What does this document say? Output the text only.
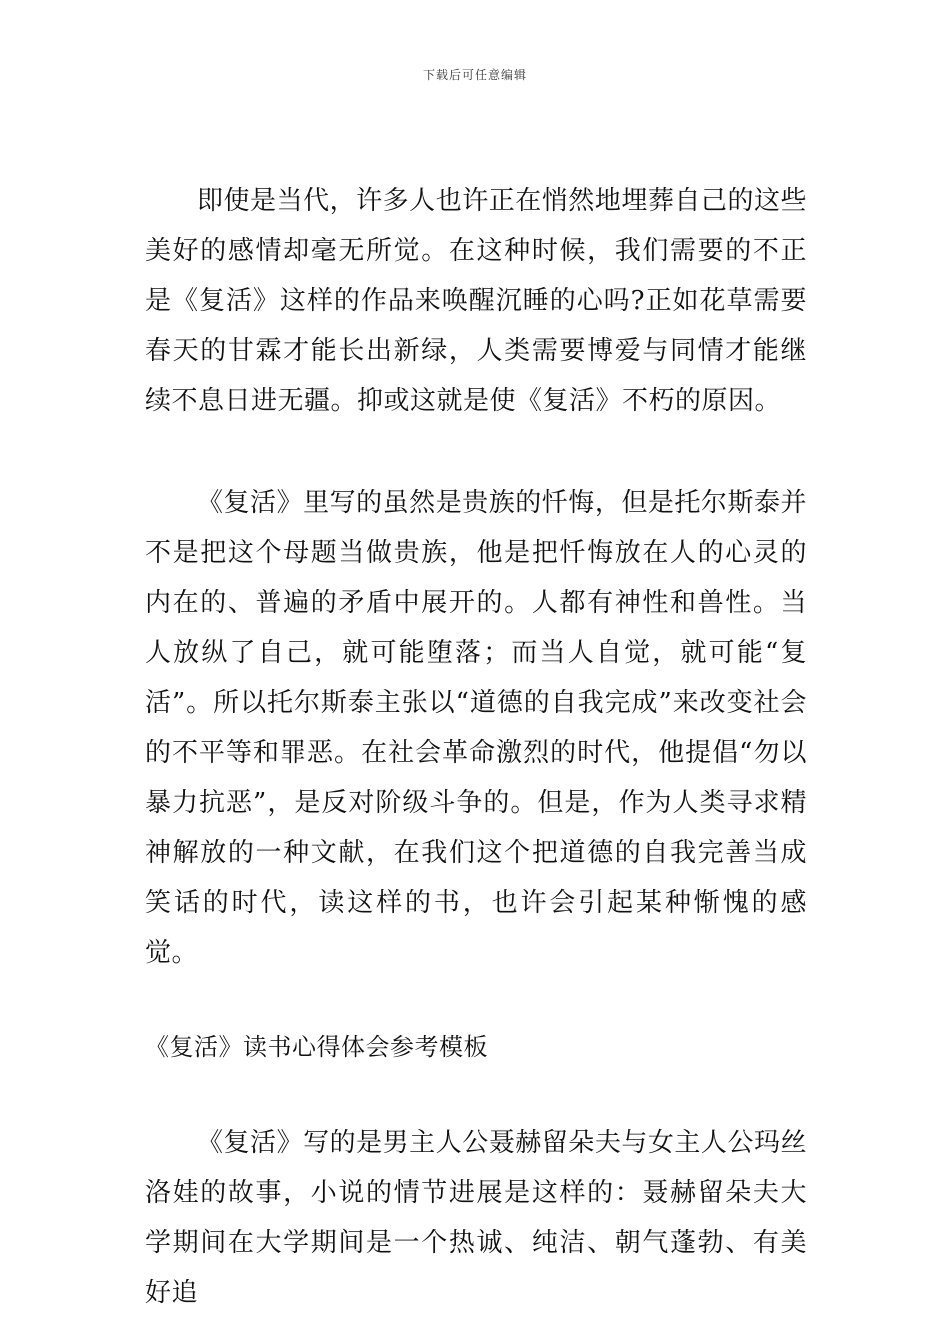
下载后可任意编辑

即使是当代，许多人也许正在悄然地埋葬自己的这些美好的感情却毫无所觉。在这种时候，我们需要的不正是《复活》这样的作品来唤醒沉睡的心吗?正如花草需要春天的甘霖才能长出新绿，人类需要博爱与同情才能继续不息日进无疆。抑或这就是使《复活》不朽的原因。

《复活》里写的虽然是贵族的忏悔，但是托尔斯泰并不是把这个母题当做贵族，他是把忏悔放在人的心灵的内在的、普遍的矛盾中展开的。人都有神性和兽性。当人放纵了自己，就可能堕落；而当人自觉，就可能“复活”。所以托尔斯泰主张以“道德的自我完成”来改变社会的不平等和罪恶。在社会革命激烈的时代，他提倡“勿以暴力抗恶”，是反对阶级斗争的。但是，作为人类寻求精神解放的一种文献，在我们这个把道德的自我完善当成笑话的时代，读这样的书，也许会引起某种惭愧的感觉。

《复活》读书心得体会参考模板

《复活》写的是男主人公聂赫留朵夫与女主人公玛丝洛娃的故事，小说的情节进展是这样的：聂赫留朵夫大学期间在大学期间是一个热诚、纯洁、朝气蓬勃、有美好追
